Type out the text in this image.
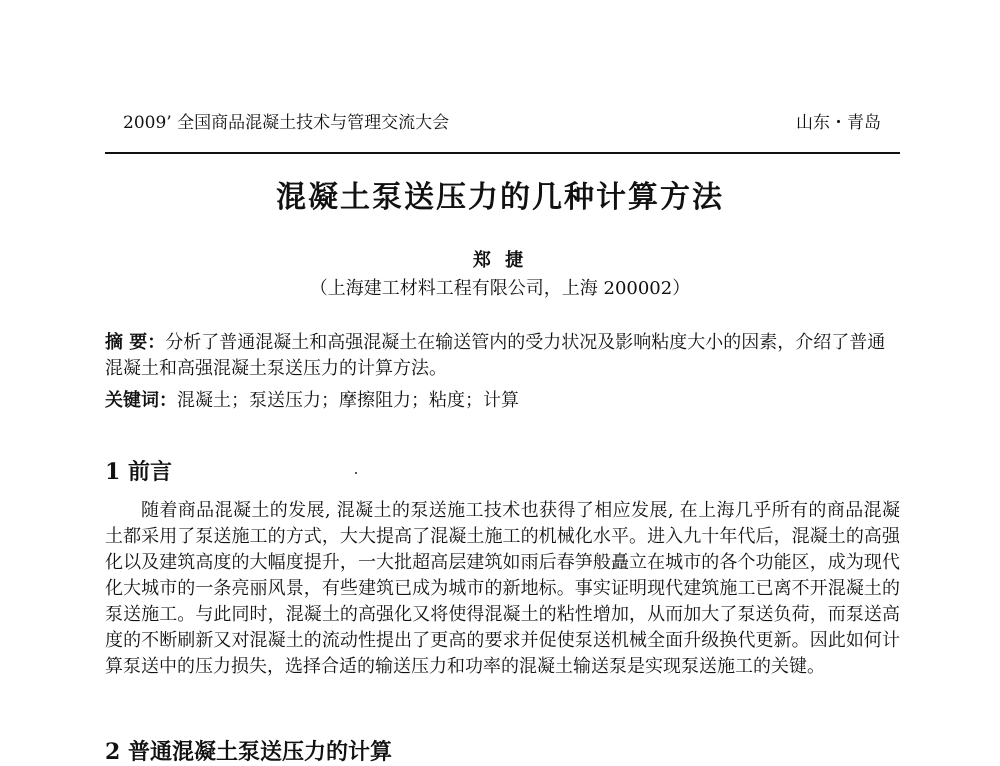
2009’ 全国商品混凝土技术与管理交流大会	山东・青岛
混凝土泵送压力的几种计算方法
郑 捷
（上海建工材料工程有限公司，上海 200002）
摘 要：分析了普通混凝土和高强混凝土在输送管内的受力状况及影响粘度大小的因素，介绍了普通混凝土和高强混凝土泵送压力的计算方法。
关键词：混凝土；泵送压力；摩擦阻力；粘度；计算
1 前言
随着商品混凝土的发展, 混凝土的泵送施工技术也获得了相应发展, 在上海几乎所有的商品混凝土都采用了泵送施工的方式，大大提高了混凝土施工的机械化水平。进入九十年代后，混凝土的高强化以及建筑高度的大幅度提升，一大批超高层建筑如雨后春笋般矗立在城市的各个功能区，成为现代化大城市的一条亮丽风景，有些建筑已成为城市的新地标。事实证明现代建筑施工已离不开混凝土的泵送施工。与此同时，混凝土的高强化又将使得混凝土的粘性增加，从而加大了泵送负荷，而泵送高度的不断刷新又对混凝土的流动性提出了更高的要求并促使泵送机械全面升级换代更新。因此如何计算泵送中的压力损失，选择合适的输送压力和功率的混凝土输送泵是实现泵送施工的关键。
2 普通混凝土泵送压力的计算
